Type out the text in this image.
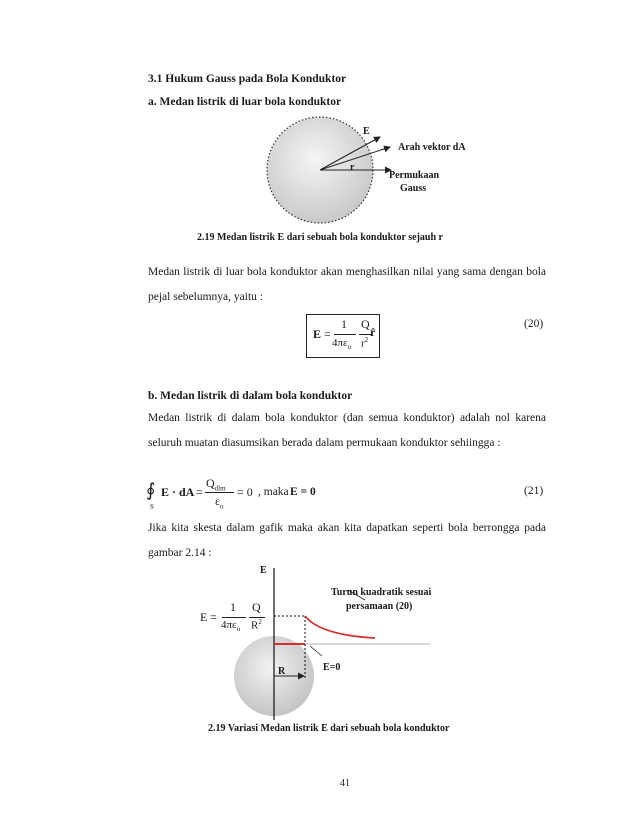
3.1 Hukum Gauss pada Bola Konduktor
a. Medan listrik di luar bola konduktor
E
r
Arah vektor dA
Permukaan
Gauss
2.19 Medan listrik E dari sebuah bola konduktor sejauh r
Medan listrik di luar bola konduktor akan menghasilkan nilai yang sama dengan bola pejal sebelumnya, yaitu :
E =
1
$4\pi\varepsilon_o$
Q
$r^2$
r̂
(20)
b. Medan listrik di dalam bola konduktor
Medan listrik di dalam bola konduktor (dan semua konduktor) adalah nol karena seluruh muatan diasumsikan berada dalam permukaan konduktor sehiingga :
∮
S
E · dA =
$Q_{dlm}$
$\varepsilon_o$
= 0 , maka E = 0	(21)
Jika kita skesta dalam gafik maka akan kita dapatkan seperti bola berrongga pada gambar 2.14 :
E
Turun kuadratik sesuai
persamaan (20)
R	E=0
E =
1
$4\pi\varepsilon_o$
Q
$R^2$
2.19 Variasi Medan listrik E dari sebuah bola konduktor
41
